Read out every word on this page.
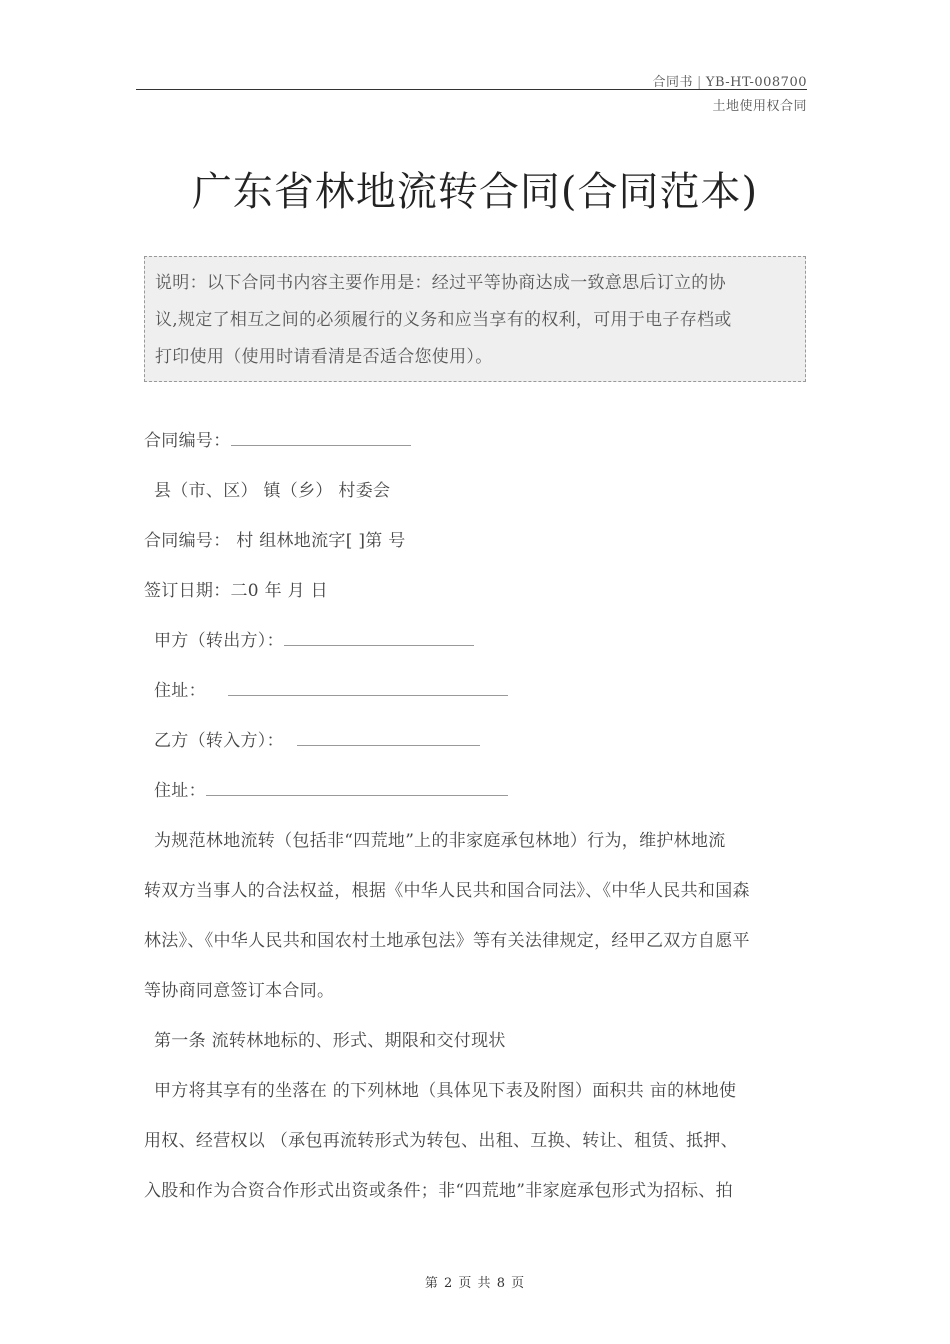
合同书 | YB-HT-008700
土地使用权合同
广东省林地流转合同(合同范本)
说明：以下合同书内容主要作用是：经过平等协商达成一致意思后订立的协
议,规定了相互之间的必须履行的义务和应当享有的权利，可用于电子存档或
打印使用（使用时请看清是否适合您使用）。
合同编号：
县（市、区） 镇（乡） 村委会
合同编号： 村 组林地流字[ ]第 号
签订日期：二0 年 月 日
甲方（转出方）：
住址：
乙方（转入方）：
住址：
为规范林地流转（包括非“四荒地”上的非家庭承包林地）行为，维护林地流
转双方当事人的合法权益，根据《中华人民共和国合同法》、《中华人民共和国森
林法》、《中华人民共和国农村土地承包法》等有关法律规定，经甲乙双方自愿平
等协商同意签订本合同。
第一条 流转林地标的、形式、期限和交付现状
甲方将其享有的坐落在 的下列林地（具体见下表及附图）面积共 亩的林地使
用权、经营权以 （承包再流转形式为转包、出租、互换、转让、租赁、抵押、
入股和作为合资合作形式出资或条件；非“四荒地”非家庭承包形式为招标、拍
第 2 页 共 8 页
